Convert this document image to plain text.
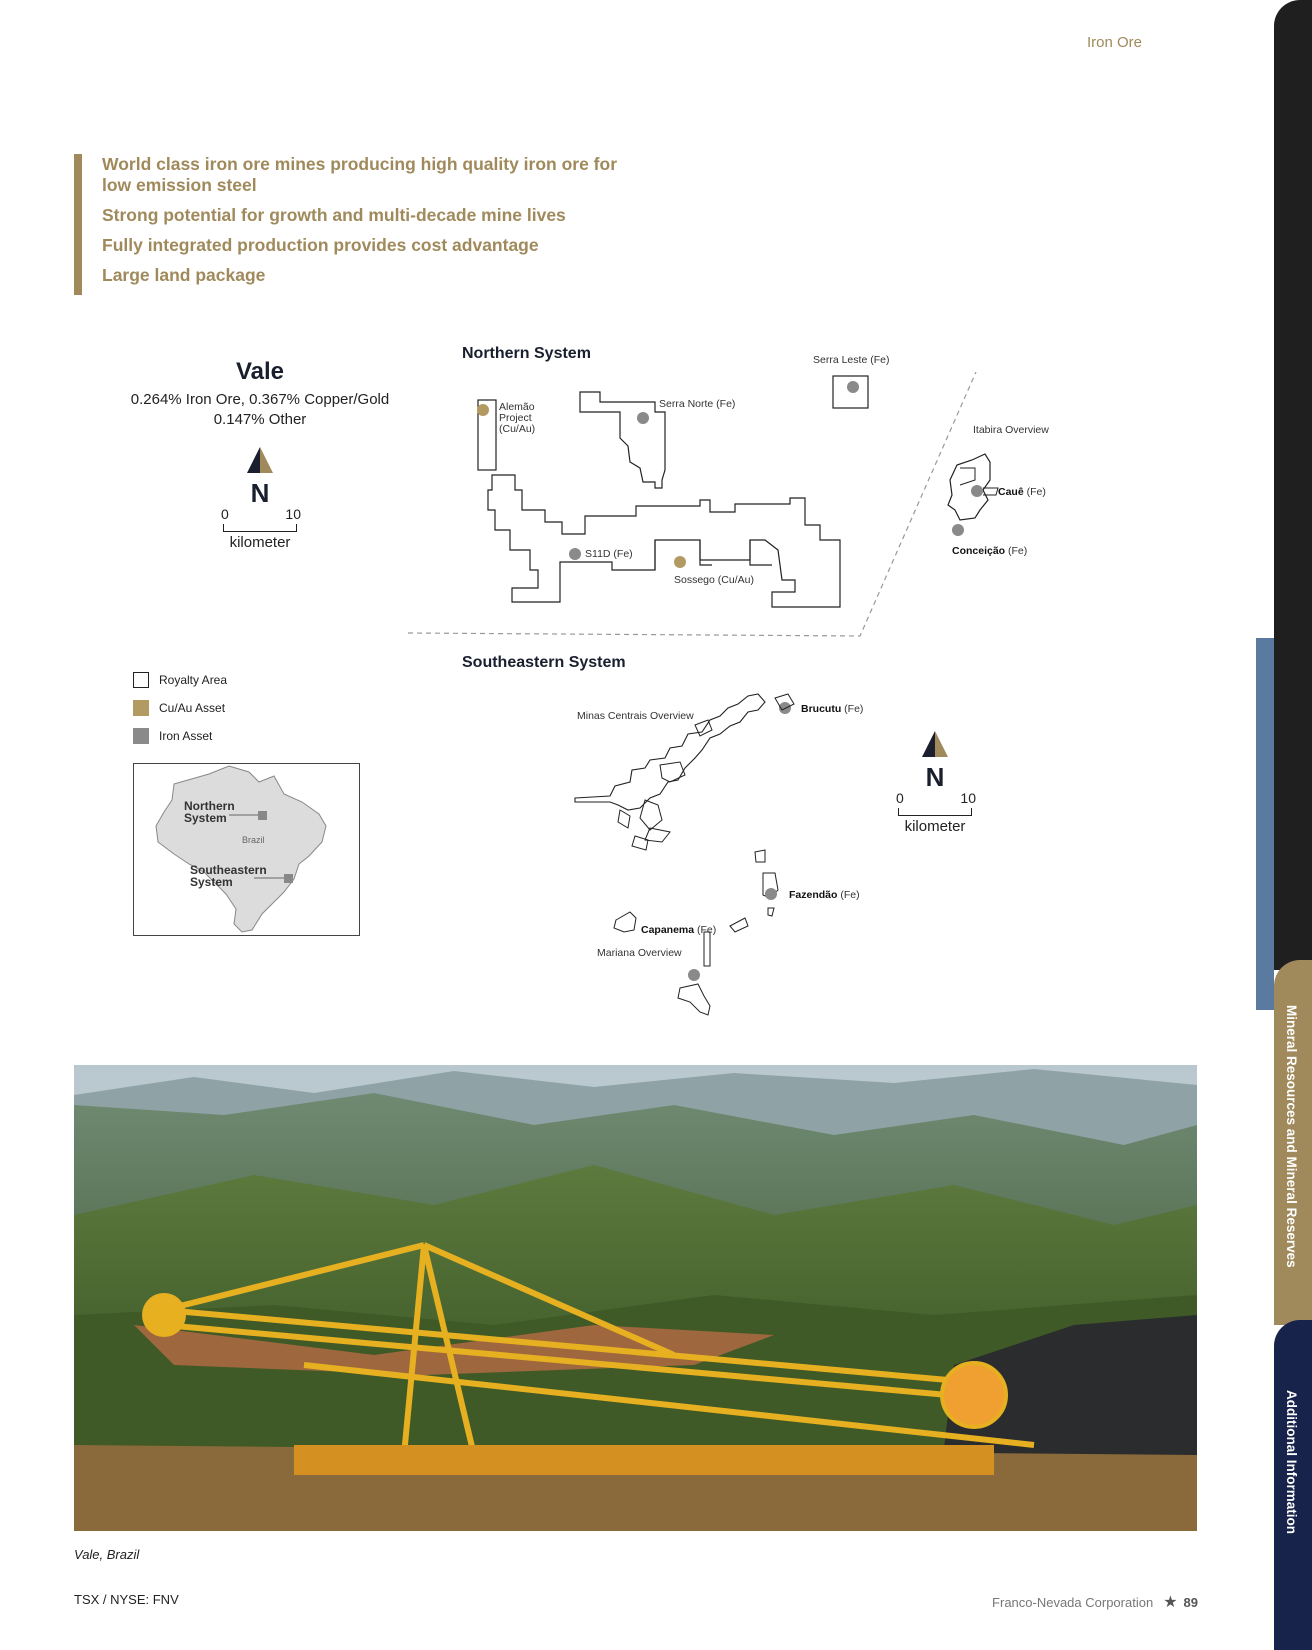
Mineral Resources and Mineral Reserves
Additional Information
Iron Ore
World class iron ore mines producing high quality iron ore for low emission steel
Strong potential for growth and multi-decade mine lives
Fully integrated production provides cost advantage
Large land package
Vale
0.264% Iron Ore, 0.367% Copper/Gold
0.147% Other
N
0	10
kilometer
Royalty Area
Cu/Au Asset
Iron Asset
Northern System
Brazil
Southeastern System
Northern System	Serra Leste (Fe)
Serra Norte (Fe)
Alemão Project (Cu/Au)	Itabira Overview
Cauê (Fe)
Conceição (Fe)
S11D (Fe)
Sossego (Cu/Au)
Southeastern System
Minas Centrais Overview
Brucutu (Fe)
Fazendão (Fe)
Capanema (Fe)
Mariana Overview
N
0	10
kilometer
Vale, Brazil
TSX / NYSE: FNV	Franco-Nevada Corporation ★ 89
